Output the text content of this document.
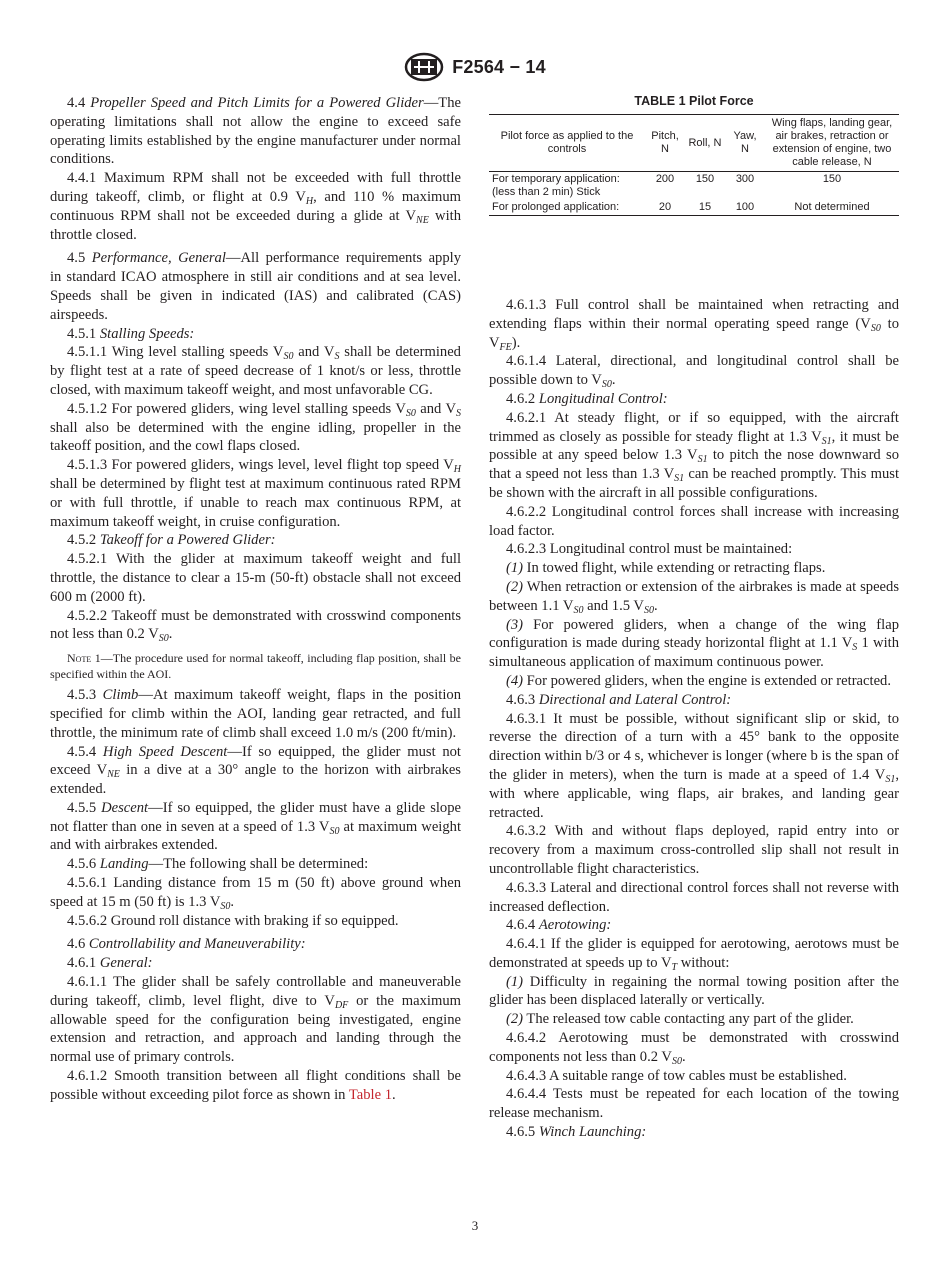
F2564 − 14

4.4 Propeller Speed and Pitch Limits for a Powered Glider—The operating limitations shall not allow the engine to exceed safe operating limits established by the engine manufacturer under normal conditions.

4.4.1 Maximum RPM shall not be exceeded with full throttle during takeoff, climb, or flight at 0.9 $V_H$, and 110 % maximum continuous RPM shall not be exceeded during a glide at $V_{NE}$ with throttle closed.

4.5 Performance, General—All performance requirements apply in standard ICAO atmosphere in still air conditions and at sea level. Speeds shall be given in indicated (IAS) and calibrated (CAS) airspeeds.

4.5.1 Stalling Speeds:

4.5.1.1 Wing level stalling speeds $V_{S0}$ and $V_S$ shall be determined by flight test at a rate of speed decrease of 1 knot/s or less, throttle closed, with maximum takeoff weight, and most unfavorable CG.

4.5.1.2 For powered gliders, wing level stalling speeds $V_{S0}$ and $V_S$ shall also be determined with the engine idling, propeller in the takeoff position, and the cowl flaps closed.

4.5.1.3 For powered gliders, wings level, level flight top speed $V_H$ shall be determined by flight test at maximum continuous rated RPM or with full throttle, if unable to reach max continuous RPM, at maximum takeoff weight, in cruise configuration.

4.5.2 Takeoff for a Powered Glider:

4.5.2.1 With the glider at maximum takeoff weight and full throttle, the distance to clear a 15-m (50-ft) obstacle shall not exceed 600 m (2000 ft).

4.5.2.2 Takeoff must be demonstrated with crosswind components not less than 0.2 $V_{S0}$.

Note 1—The procedure used for normal takeoff, including flap position, shall be specified within the AOI.

4.5.3 Climb—At maximum takeoff weight, flaps in the position specified for climb within the AOI, landing gear retracted, and full throttle, the minimum rate of climb shall exceed 1.0 m/s (200 ft/min).

4.5.4 High Speed Descent—If so equipped, the glider must not exceed $V_{NE}$ in a dive at a 30° angle to the horizon with airbrakes extended.

4.5.5 Descent—If so equipped, the glider must have a glide slope not flatter than one in seven at a speed of 1.3 $V_{S0}$ at maximum weight and with airbrakes extended.

4.5.6 Landing—The following shall be determined:

4.5.6.1 Landing distance from 15 m (50 ft) above ground when speed at 15 m (50 ft) is 1.3 $V_{S0}$.

4.5.6.2 Ground roll distance with braking if so equipped.

4.6 Controllability and Maneuverability:

4.6.1 General:

4.6.1.1 The glider shall be safely controllable and maneuverable during takeoff, climb, level flight, dive to $V_{DF}$ or the maximum allowable speed for the configuration being investigated, engine extension and retraction, and approach and landing through the normal use of primary controls.

4.6.1.2 Smooth transition between all flight conditions shall be possible without exceeding pilot force as shown in Table 1.

TABLE 1 Pilot Force
Pilot force as applied to the controls	Pitch, N	Roll, N	Yaw, N	Wing flaps, landing gear, air brakes, retraction or extension of engine, two cable release, N
For temporary application: (less than 2 min) Stick	200	150	300	150
For prolonged application:	20	15	100	Not determined

4.6.1.3 Full control shall be maintained when retracting and extending flaps within their normal operating speed range ($V_{S0}$ to $V_{FE}$).

4.6.1.4 Lateral, directional, and longitudinal control shall be possible down to $V_{S0}$.

4.6.2 Longitudinal Control:

4.6.2.1 At steady flight, or if so equipped, with the aircraft trimmed as closely as possible for steady flight at 1.3 $V_{S1}$, it must be possible at any speed below 1.3 $V_{S1}$ to pitch the nose downward so that a speed not less than 1.3 $V_{S1}$ can be reached promptly. This must be shown with the aircraft in all possible configurations.

4.6.2.2 Longitudinal control forces shall increase with increasing load factor.

4.6.2.3 Longitudinal control must be maintained:

(1) In towed flight, while extending or retracting flaps.

(2) When retraction or extension of the airbrakes is made at speeds between 1.1 $V_{S0}$ and 1.5 $V_{S0}$.

(3) For powered gliders, when a change of the wing flap configuration is made during steady horizontal flight at 1.1 $V_S$ 1 with simultaneous application of maximum continuous power.

(4) For powered gliders, when the engine is extended or retracted.

4.6.3 Directional and Lateral Control:

4.6.3.1 It must be possible, without significant slip or skid, to reverse the direction of a turn with a 45° bank to the opposite direction within b/3 or 4 s, whichever is longer (where b is the span of the glider in meters), when the turn is made at a speed of 1.4 $V_{S1}$, with where applicable, wing flaps, air brakes, and landing gear retracted.

4.6.3.2 With and without flaps deployed, rapid entry into or recovery from a maximum cross-controlled slip shall not result in uncontrollable flight characteristics.

4.6.3.3 Lateral and directional control forces shall not reverse with increased deflection.

4.6.4 Aerotowing:

4.6.4.1 If the glider is equipped for aerotowing, aerotows must be demonstrated at speeds up to $V_T$ without:

(1) Difficulty in regaining the normal towing position after the glider has been displaced laterally or vertically.

(2) The released tow cable contacting any part of the glider.

4.6.4.2 Aerotowing must be demonstrated with crosswind components not less than 0.2 $V_{S0}$.

4.6.4.3 A suitable range of tow cables must be established.

4.6.4.4 Tests must be repeated for each location of the towing release mechanism.

4.6.5 Winch Launching:

3
